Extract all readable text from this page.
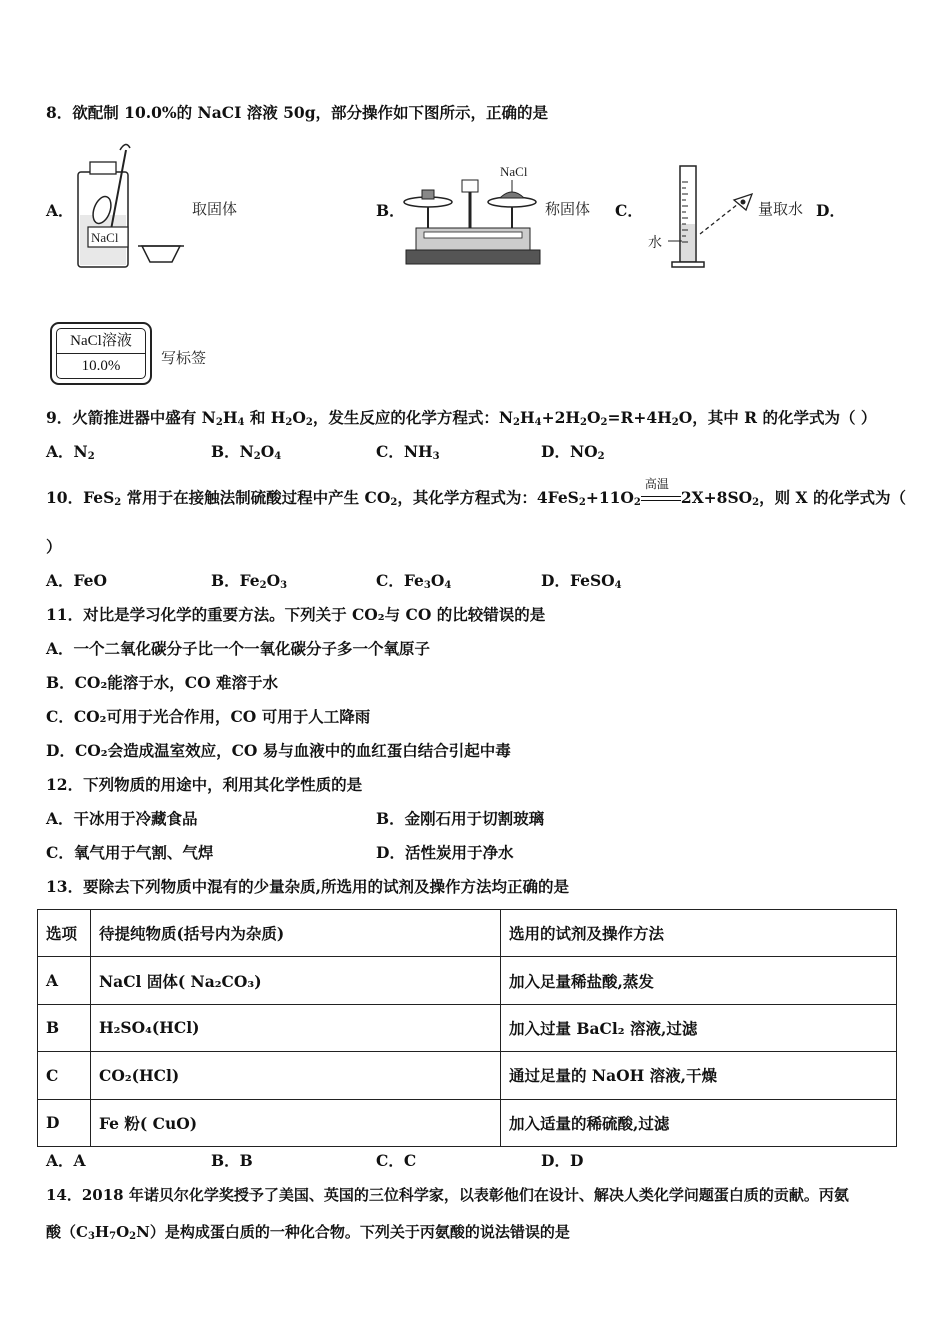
8．欲配制 10.0%的 NaCI 溶液 50g，部分操作如下图所示，正确的是
A．
NaCl
取固体	B．
NaCl
称固体 C．
水
量取水 D．
NaCl溶液
10.0%	写标签
9．火箭推进器中盛有 $N_2H_4$ 和 $H_2O_2$，发生反应的化学方程式：$N_2H_4+2H_2O_2=R+4H_2O$，其中 R 的化学式为（ ）
A．$N_2$	B．$N_2O_4$	C．$NH_3$	D．$NO_2$
10．FeS$_2$ 常用于在接触法制硫酸过程中产生 $CO_2$，其化学方程式为：$4FeS_2+11O_2$
高温
$2X+8SO_2$，则 X 的化学式为（
）
A．FeO	B．$Fe_2O_3$	C．$Fe_3O_4$	D．FeSO$_4$
11．对比是学习化学的重要方法。下列关于 CO₂与 CO 的比较错误的是
A．一个二氧化碳分子比一个一氧化碳分子多一个氧原子
B．CO₂能溶于水，CO 难溶于水
C．CO₂可用于光合作用，CO 可用于人工降雨
D．CO₂会造成温室效应，CO 易与血液中的血红蛋白结合引起中毒
12．下列物质的用途中，利用其化学性质的是
A．干冰用于冷藏食品	B．金刚石用于切割玻璃
C．氧气用于气割、气焊	D．活性炭用于净水
13．要除去下列物质中混有的少量杂质,所选用的试剂及操作方法均正确的是
选项	待提纯物质(括号内为杂质)	选用的试剂及操作方法
A	NaCl 固体( Na₂CO₃)	加入足量稀盐酸,蒸发
B	H₂SO₄(HCl)	加入过量 BaCl₂ 溶液,过滤
C	CO₂(HCl)	通过足量的 NaOH 溶液,干燥
D	Fe 粉( CuO)	加入适量的稀硫酸,过滤
A．A	B．B	C．C	D．D
14．2018 年诺贝尔化学奖授予了美国、英国的三位科学家，以表彰他们在设计、解决人类化学问题蛋白质的贡献。丙氨
酸$(C_3H_7O_2N)$是构成蛋白质的一种化合物。下列关于丙氨酸的说法错误的是
